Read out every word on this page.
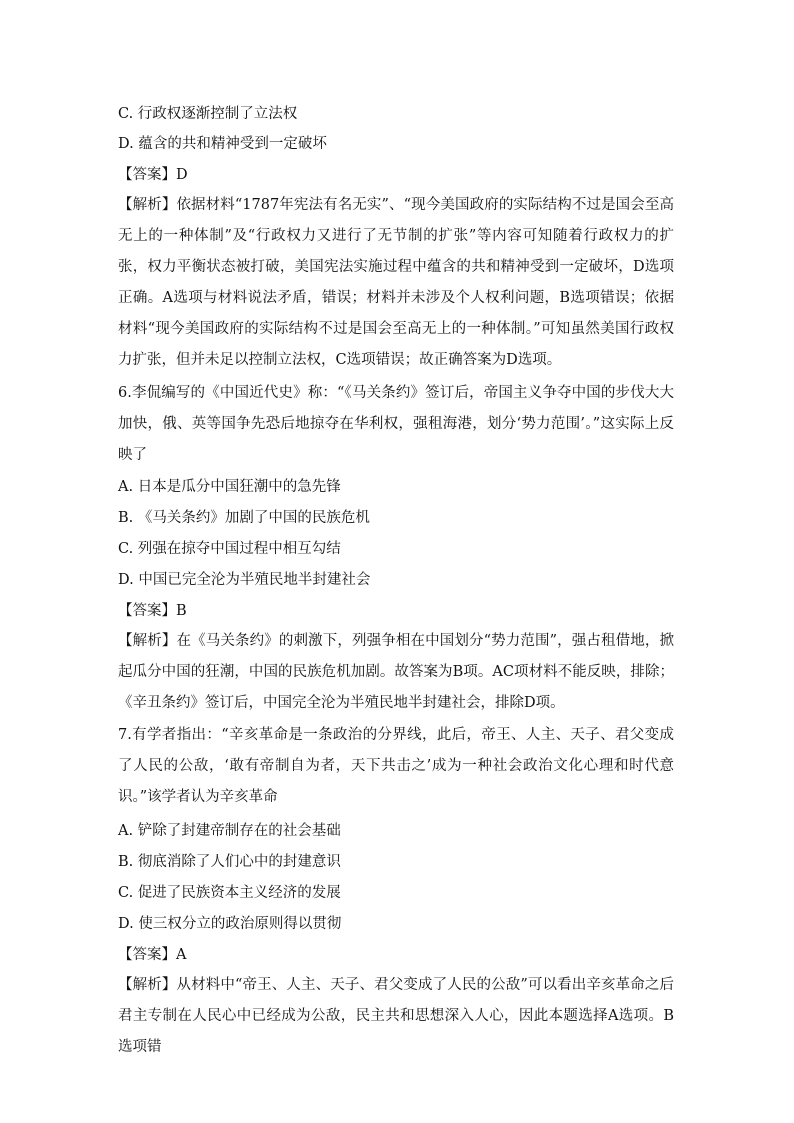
C. 行政权逐渐控制了立法权
D. 蕴含的共和精神受到一定破坏
【答案】D
【解析】依据材料“1787年宪法有名无实”、“现今美国政府的实际结构不过是国会至高无上的一种体制”及“行政权力又进行了无节制的扩张”等内容可知随着行政权力的扩张，权力平衡状态被打破，美国宪法实施过程中蕴含的共和精神受到一定破坏，D选项正确。A选项与材料说法矛盾，错误；材料并未涉及个人权利问题，B选项错误；依据材料“现今美国政府的实际结构不过是国会至高无上的一种体制。”可知虽然美国行政权力扩张，但并未足以控制立法权，C选项错误；故正确答案为D选项。
6.李侃编写的《中国近代史》称：“《马关条约》签订后，帝国主义争夺中国的步伐大大加快，俄、英等国争先恐后地掠夺在华利权，强租海港，划分‘势力范围’。”这实际上反映了
A. 日本是瓜分中国狂潮中的急先锋
B. 《马关条约》加剧了中国的民族危机
C. 列强在掠夺中国过程中相互勾结
D. 中国已完全沦为半殖民地半封建社会
【答案】B
【解析】在《马关条约》的刺激下，列强争相在中国划分“势力范围”，强占租借地，掀起瓜分中国的狂潮，中国的民族危机加剧。故答案为B项。AC项材料不能反映，排除；《辛丑条约》签订后，中国完全沦为半殖民地半封建社会，排除D项。
7.有学者指出：“辛亥革命是一条政治的分界线，此后，帝王、人主、天子、君父变成了人民的公敌，‘敢有帝制自为者，天下共击之’成为一种社会政治文化心理和时代意识。”该学者认为辛亥革命
A. 铲除了封建帝制存在的社会基础
B. 彻底消除了人们心中的封建意识
C. 促进了民族资本主义经济的发展
D. 使三权分立的政治原则得以贯彻
【答案】A
【解析】从材料中“帝王、人主、天子、君父变成了人民的公敌”可以看出辛亥革命之后君主专制在人民心中已经成为公敌，民主共和思想深入人心，因此本题选择A选项。B选项错
